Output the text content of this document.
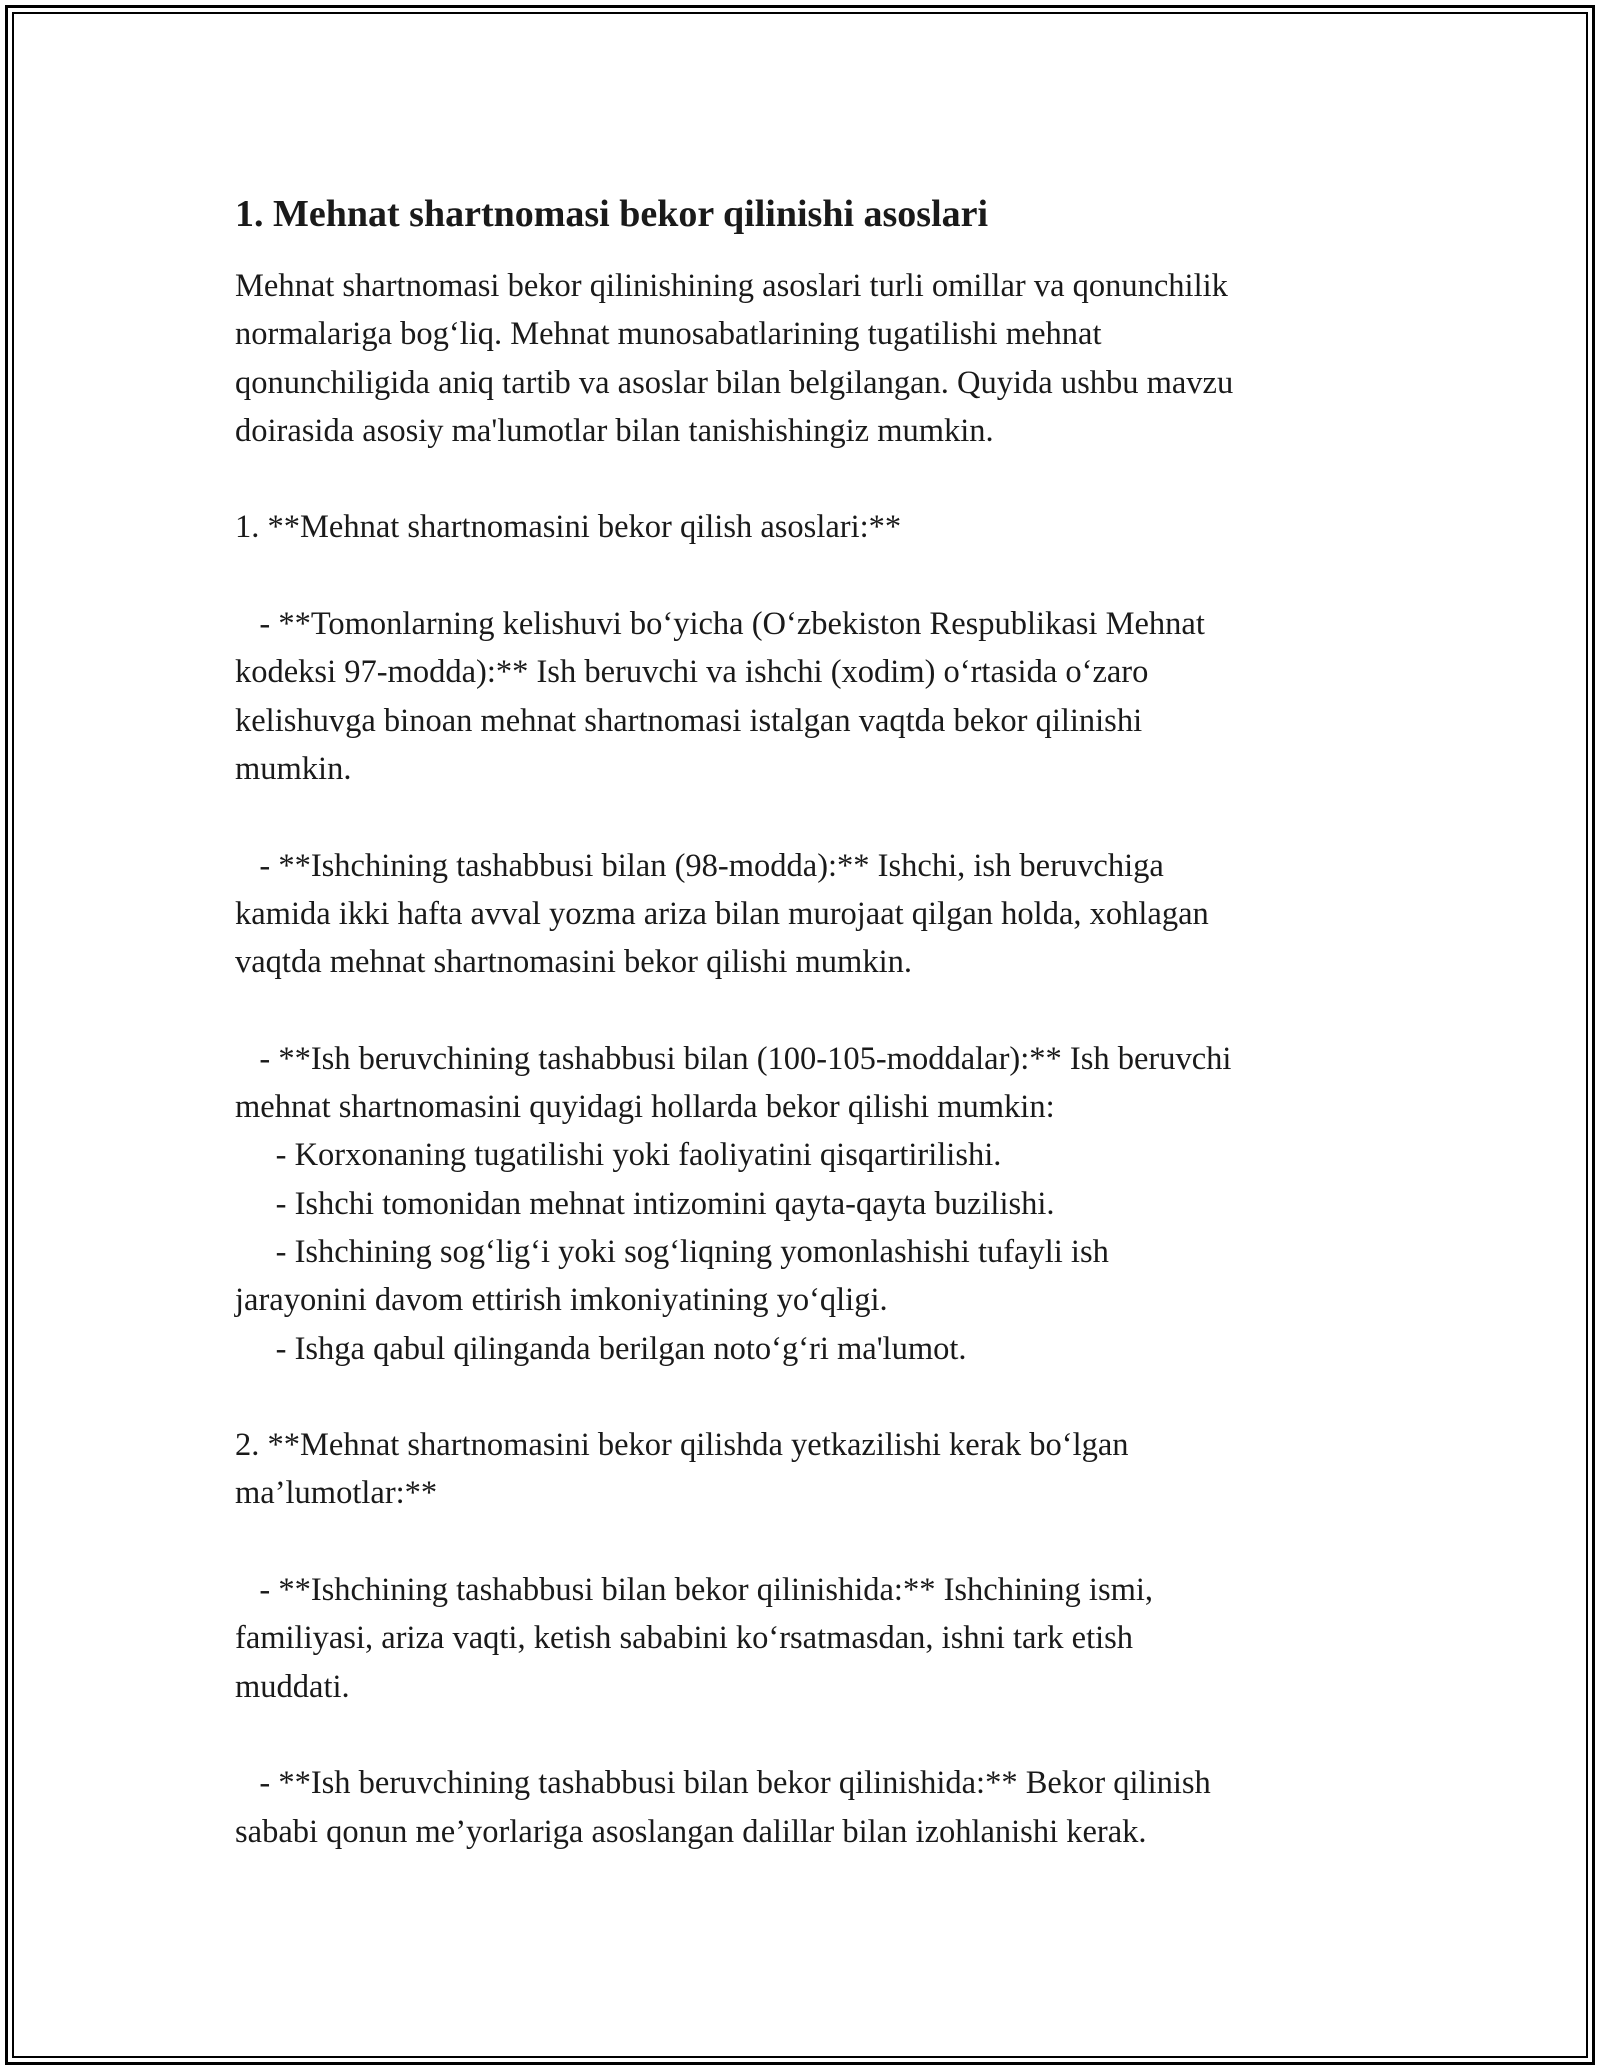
1. Mehnat shartnomasi bekor qilinishi asoslari

Mehnat shartnomasi bekor qilinishining asoslari turli omillar va qonunchilik
normalariga bog‘liq. Mehnat munosabatlarining tugatilishi mehnat
qonunchiligida aniq tartib va asoslar bilan belgilangan. Quyida ushbu mavzu
doirasida asosiy ma'lumotlar bilan tanishishingiz mumkin.

1. **Mehnat shartnomasini bekor qilish asoslari:**

- **Tomonlarning kelishuvi bo‘yicha (O‘zbekiston Respublikasi Mehnat
kodeksi 97-modda):** Ish beruvchi va ishchi (xodim) o‘rtasida o‘zaro
kelishuvga binoan mehnat shartnomasi istalgan vaqtda bekor qilinishi
mumkin.

- **Ishchining tashabbusi bilan (98-modda):** Ishchi, ish beruvchiga
kamida ikki hafta avval yozma ariza bilan murojaat qilgan holda, xohlagan
vaqtda mehnat shartnomasini bekor qilishi mumkin.

- **Ish beruvchining tashabbusi bilan (100-105-moddalar):** Ish beruvchi
mehnat shartnomasini quyidagi hollarda bekor qilishi mumkin:
- Korxonaning tugatilishi yoki faoliyatini qisqartirilishi.
- Ishchi tomonidan mehnat intizomini qayta-qayta buzilishi.
- Ishchining sog‘lig‘i yoki sog‘liqning yomonlashishi tufayli ish
jarayonini davom ettirish imkoniyatining yo‘qligi.
- Ishga qabul qilinganda berilgan noto‘g‘ri ma'lumot.

2. **Mehnat shartnomasini bekor qilishda yetkazilishi kerak bo‘lgan
ma’lumotlar:**

- **Ishchining tashabbusi bilan bekor qilinishida:** Ishchining ismi,
familiyasi, ariza vaqti, ketish sababini ko‘rsatmasdan, ishni tark etish
muddati.

- **Ish beruvchining tashabbusi bilan bekor qilinishida:** Bekor qilinish
sababi qonun me’yorlariga asoslangan dalillar bilan izohlanishi kerak.
